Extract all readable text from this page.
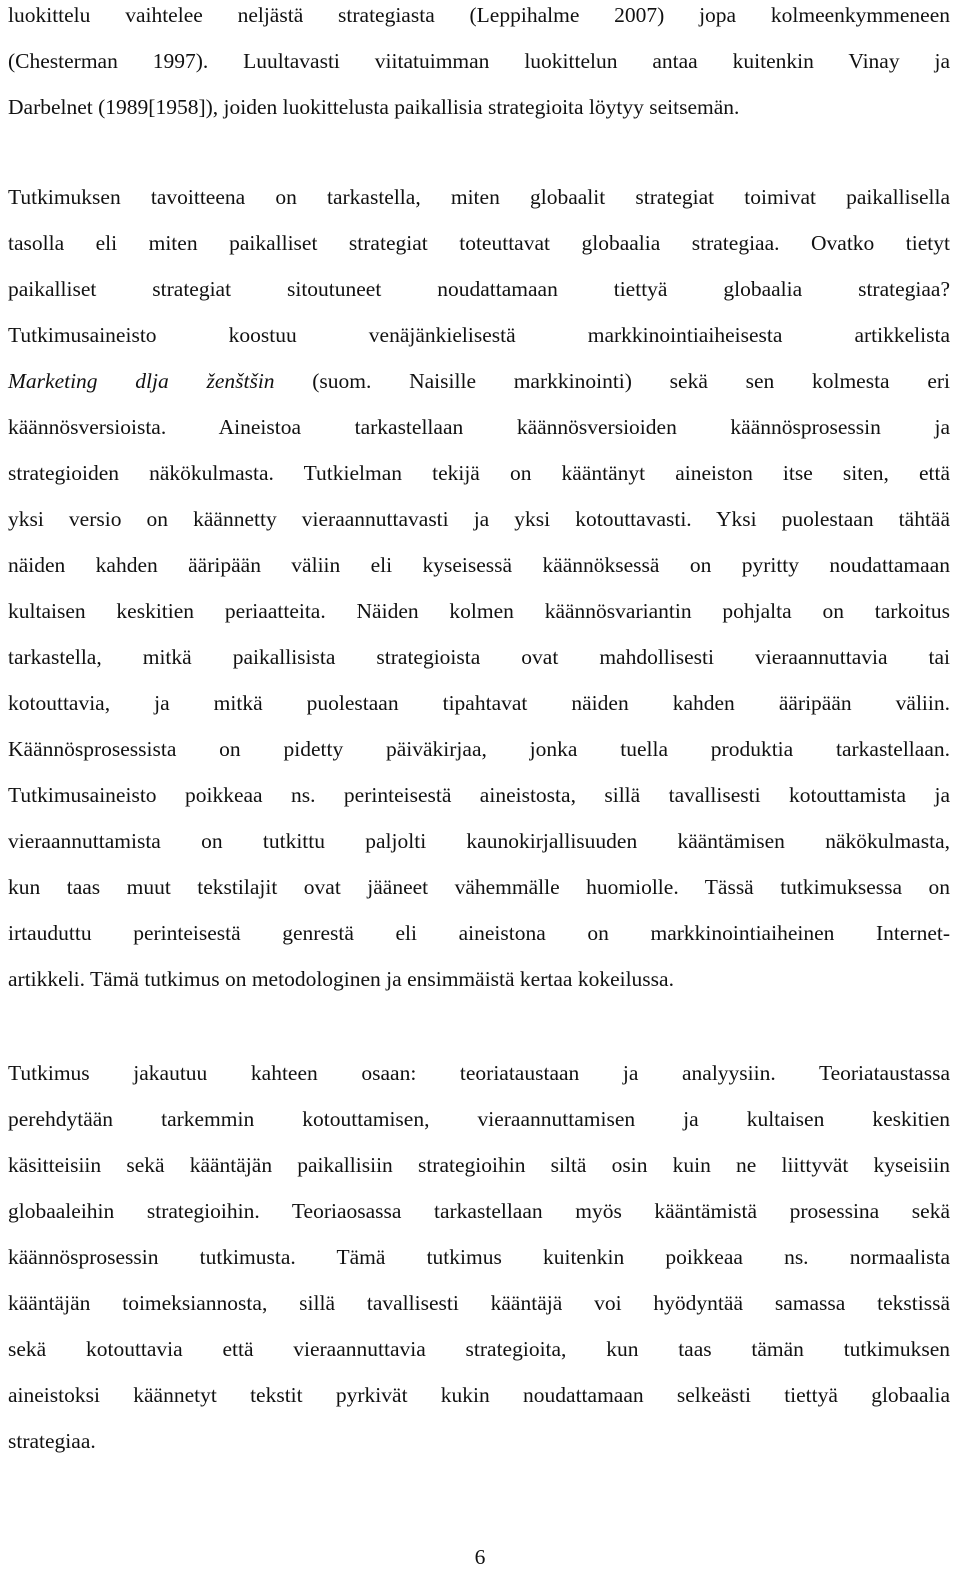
luokittelu vaihtelee neljästä strategiasta (Leppihalme 2007) jopa kolmeenkymmeneen
(Chesterman 1997). Luultavasti viitatuimman luokittelun antaa kuitenkin Vinay ja
Darbelnet (1989[1958]), joiden luokittelusta paikallisia strategioita löytyy seitsemän.
Tutkimuksen tavoitteena on tarkastella, miten globaalit strategiat toimivat paikallisella
tasolla eli miten paikalliset strategiat toteuttavat globaalia strategiaa. Ovatko tietyt
paikalliset strategiat sitoutuneet noudattamaan tiettyä globaalia strategiaa?
Tutkimusaineisto koostuu venäjänkielisestä markkinointiaiheisesta artikkelista
Marketing dlja ženštšin (suom. Naisille markkinointi) sekä sen kolmesta eri
käännösversioista. Aineistoa tarkastellaan käännösversioiden käännösprosessin ja
strategioiden näkökulmasta. Tutkielman tekijä on kääntänyt aineiston itse siten, että
yksi versio on käännetty vieraannuttavasti ja yksi kotouttavasti. Yksi puolestaan tähtää
näiden kahden ääripään väliin eli kyseisessä käännöksessä on pyritty noudattamaan
kultaisen keskitien periaatteita. Näiden kolmen käännösvariantin pohjalta on tarkoitus
tarkastella, mitkä paikallisista strategioista ovat mahdollisesti vieraannuttavia tai
kotouttavia, ja mitkä puolestaan tipahtavat näiden kahden ääripään väliin.
Käännösprosessista on pidetty päiväkirjaa, jonka tuella produktia tarkastellaan.
Tutkimusaineisto poikkeaa ns. perinteisestä aineistosta, sillä tavallisesti kotouttamista ja
vieraannuttamista on tutkittu paljolti kaunokirjallisuuden kääntämisen näkökulmasta,
kun taas muut tekstilajit ovat jääneet vähemmälle huomiolle. Tässä tutkimuksessa on
irtauduttu perinteisestä genrestä eli aineistona on markkinointiaiheinen Internet-
artikkeli. Tämä tutkimus on metodologinen ja ensimmäistä kertaa kokeilussa.
Tutkimus jakautuu kahteen osaan: teoriataustaan ja analyysiin. Teoriataustassa
perehdytään tarkemmin kotouttamisen, vieraannuttamisen ja kultaisen keskitien
käsitteisiin sekä kääntäjän paikallisiin strategioihin siltä osin kuin ne liittyvät kyseisiin
globaaleihin strategioihin. Teoriaosassa tarkastellaan myös kääntämistä prosessina sekä
käännösprosessin tutkimusta. Tämä tutkimus kuitenkin poikkeaa ns. normaalista
kääntäjän toimeksiannosta, sillä tavallisesti kääntäjä voi hyödyntää samassa tekstissä
sekä kotouttavia että vieraannuttavia strategioita, kun taas tämän tutkimuksen
aineistoksi käännetyt tekstit pyrkivät kukin noudattamaan selkeästi tiettyä globaalia
strategiaa.
6
